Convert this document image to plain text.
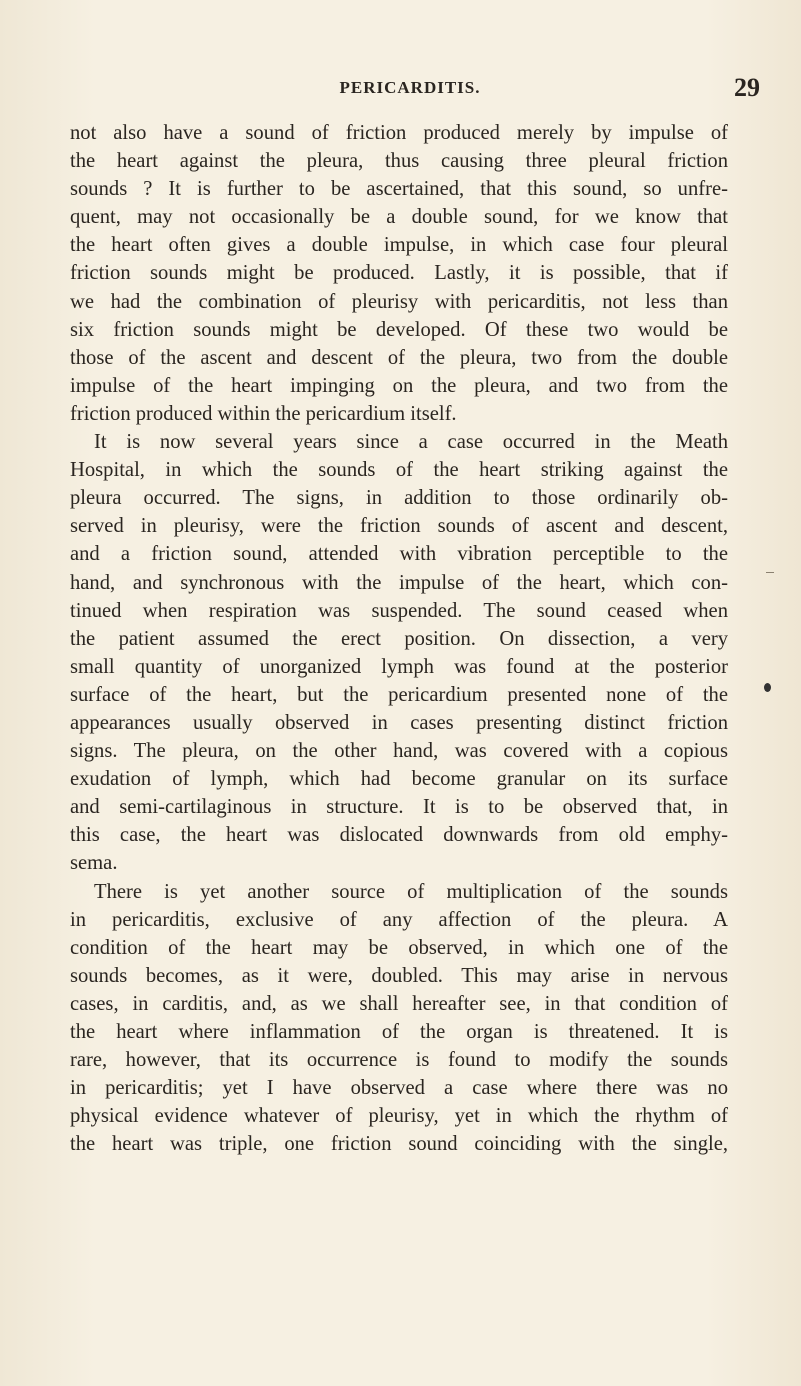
PERICARDITIS.	29
not also have a sound of friction produced merely by impulse of
the heart against the pleura, thus causing three pleural friction
sounds ? It is further to be ascertained, that this sound, so unfre-
quent, may not occasionally be a double sound, for we know that
the heart often gives a double impulse, in which case four pleural
friction sounds might be produced. Lastly, it is possible, that if
we had the combination of pleurisy with pericarditis, not less than
six friction sounds might be developed. Of these two would be
those of the ascent and descent of the pleura, two from the double
impulse of the heart impinging on the pleura, and two from the
friction produced within the pericardium itself.
It is now several years since a case occurred in the Meath
Hospital, in which the sounds of the heart striking against the
pleura occurred. The signs, in addition to those ordinarily ob-
served in pleurisy, were the friction sounds of ascent and descent,
and a friction sound, attended with vibration perceptible to the
hand, and synchronous with the impulse of the heart, which con-
tinued when respiration was suspended. The sound ceased when
the patient assumed the erect position. On dissection, a very
small quantity of unorganized lymph was found at the posterior
surface of the heart, but the pericardium presented none of the
appearances usually observed in cases presenting distinct friction
signs. The pleura, on the other hand, was covered with a copious
exudation of lymph, which had become granular on its surface
and semi-cartilaginous in structure. It is to be observed that, in
this case, the heart was dislocated downwards from old emphy-
sema.
There is yet another source of multiplication of the sounds
in pericarditis, exclusive of any affection of the pleura. A
condition of the heart may be observed, in which one of the
sounds becomes, as it were, doubled. This may arise in nervous
cases, in carditis, and, as we shall hereafter see, in that condition of
the heart where inflammation of the organ is threatened. It is
rare, however, that its occurrence is found to modify the sounds
in pericarditis; yet I have observed a case where there was no
physical evidence whatever of pleurisy, yet in which the rhythm of
the heart was triple, one friction sound coinciding with the single,
